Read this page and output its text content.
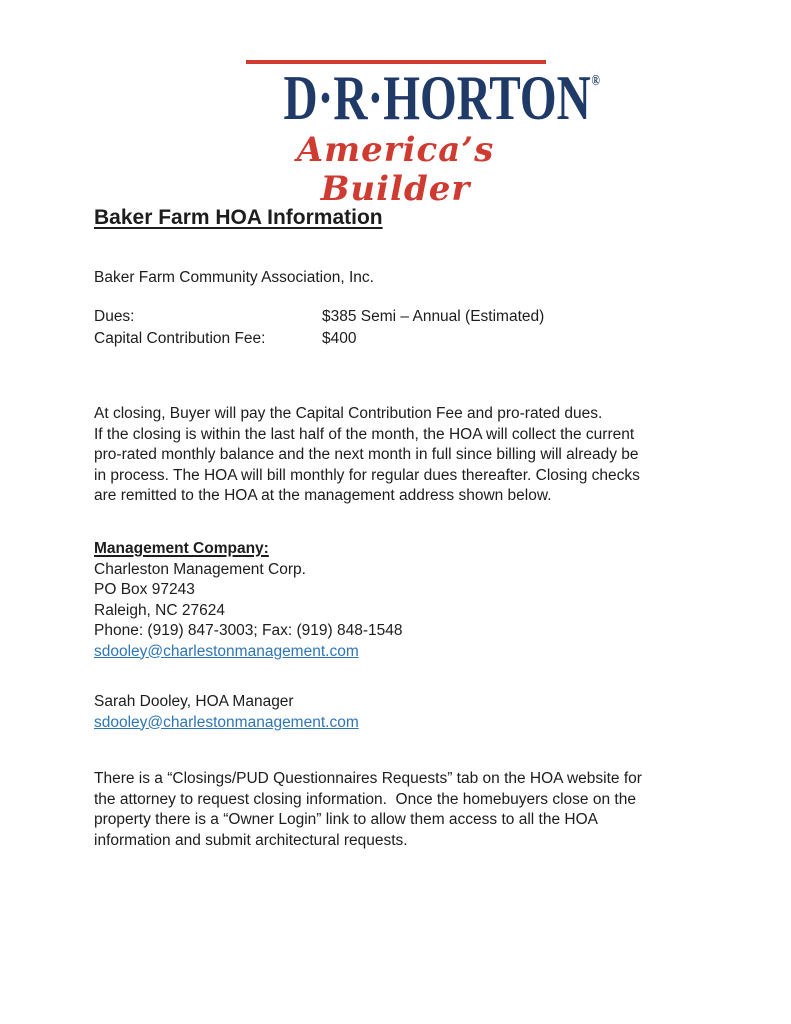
D·R·HORTON®
America’s Builder
Baker Farm HOA Information
Baker Farm Community Association, Inc.
Dues:	$385 Semi – Annual (Estimated)
Capital Contribution Fee:	$400
At closing, Buyer will pay the Capital Contribution Fee and pro-rated dues.
If the closing is within the last half of the month, the HOA will collect the current
pro-rated monthly balance and the next month in full since billing will already be
in process. The HOA will bill monthly for regular dues thereafter. Closing checks
are remitted to the HOA at the management address shown below.
Management Company:
Charleston Management Corp.
PO Box 97243
Raleigh, NC 27624
Phone: (919) 847-3003; Fax: (919) 848-1548
sdooley@charlestonmanagement.com
Sarah Dooley, HOA Manager
sdooley@charlestonmanagement.com
There is a “Closings/PUD Questionnaires Requests” tab on the HOA website for
the attorney to request closing information.  Once the homebuyers close on the
property there is a “Owner Login” link to allow them access to all the HOA
information and submit architectural requests.
